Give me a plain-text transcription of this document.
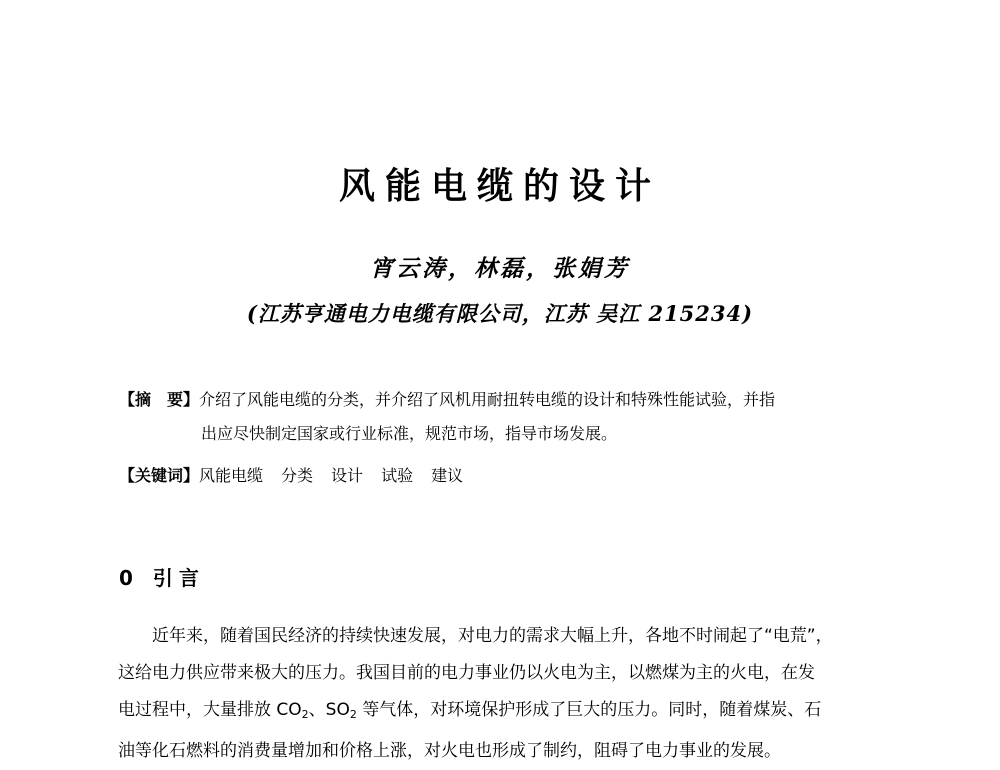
风能电缆的设计
宵云涛，林磊，张娟芳
(江苏亨通电力电缆有限公司，江苏 吴江 215234)
【摘　要】介绍了风能电缆的分类，并介绍了风机用耐扭转电缆的设计和特殊性能试验，并指
出应尽快制定国家或行业标准，规范市场，指导市场发展。
【关键词】风能电缆 分类 设计 试验 建议
0 引言
近年来，随着国民经济的持续快速发展，对电力的需求大幅上升，各地不时闹起了“电荒”，
这给电力供应带来极大的压力。我国目前的电力事业仍以火电为主，以燃煤为主的火电，在发
电过程中，大量排放 $CO_2$、$SO_2$ 等气体，对环境保护形成了巨大的压力。同时，随着煤炭、石
油等化石燃料的消费量增加和价格上涨，对火电也形成了制约，阻碍了电力事业的发展。
